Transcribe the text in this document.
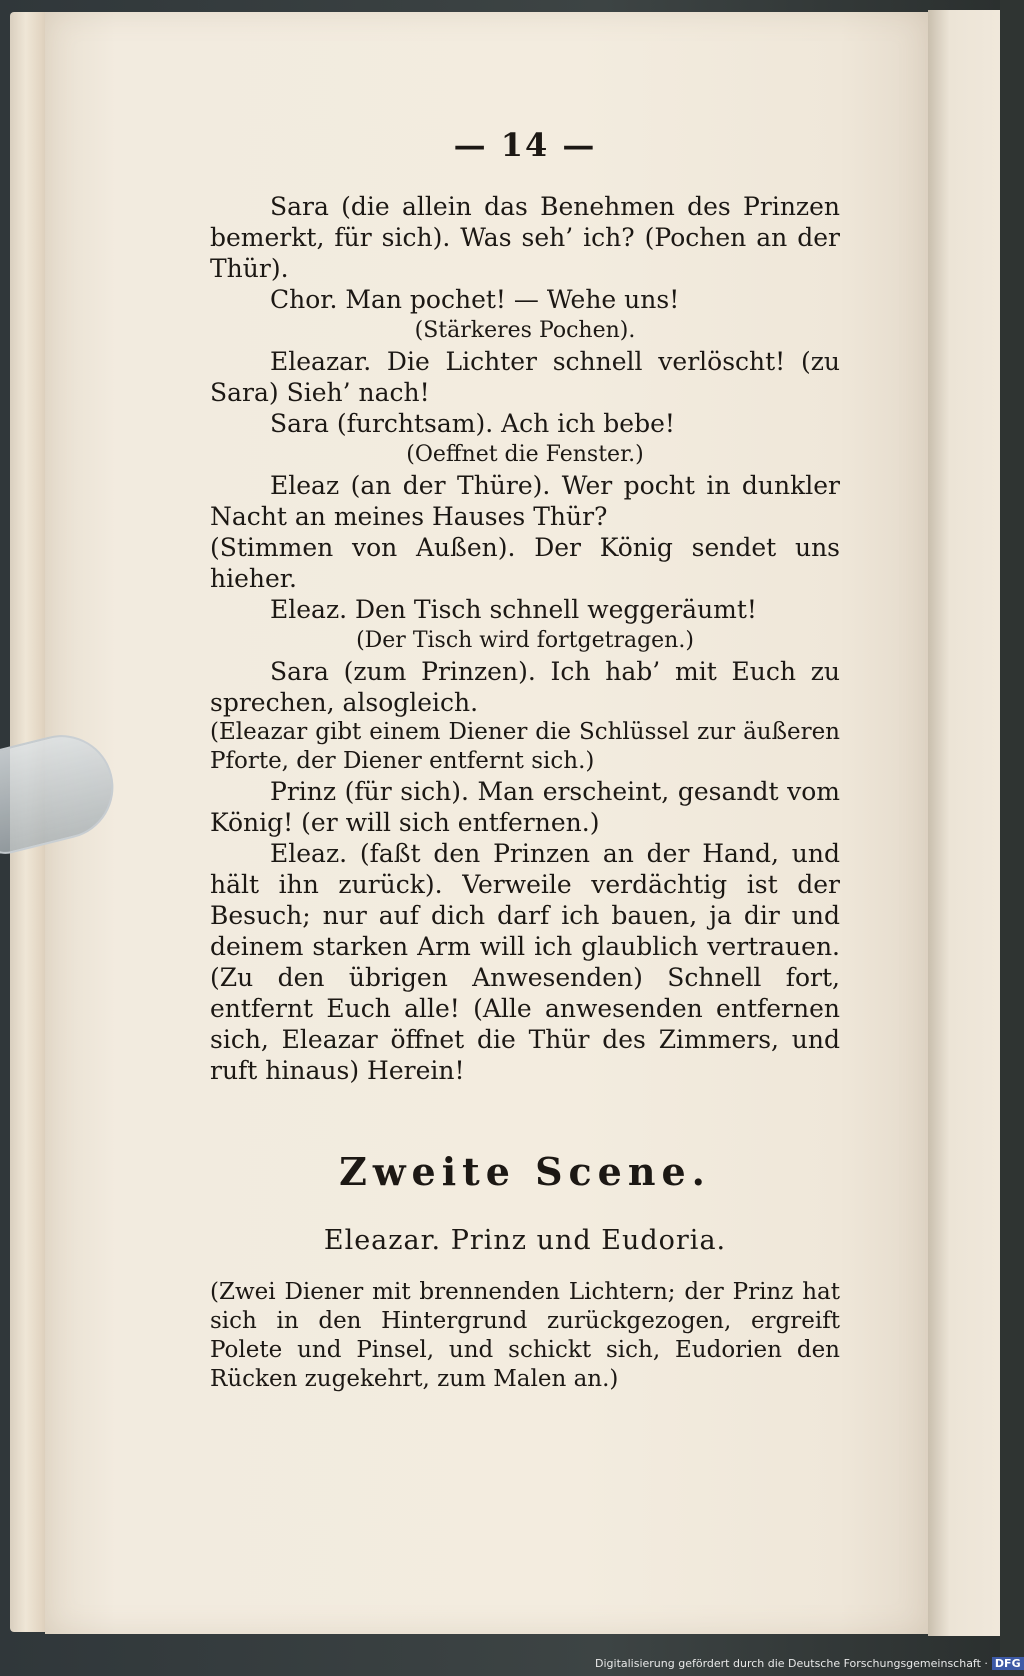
— 14 —

Sara (die allein das Benehmen des Prinzen bemerkt, für sich). Was seh’ ich? (Pochen an der Thür).

Chor. Man pochet! — Wehe uns!

(Stärkeres Pochen).

Eleazar. Die Lichter schnell verlöscht! (zu Sara) Sieh’ nach!

Sara (furchtsam). Ach ich bebe!

(Oeffnet die Fenster.)

Eleaz (an der Thüre). Wer pocht in dunkler Nacht an meines Hauses Thür?

(Stimmen von Außen). Der König sendet uns hieher.

Eleaz. Den Tisch schnell weggeräumt!

(Der Tisch wird fortgetragen.)

Sara (zum Prinzen). Ich hab’ mit Euch zu sprechen, alsogleich.

(Eleazar gibt einem Diener die Schlüssel zur äußeren Pforte, der Diener entfernt sich.)

Prinz (für sich). Man erscheint, gesandt vom König! (er will sich entfernen.)

Eleaz. (faßt den Prinzen an der Hand, und hält ihn zurück). Verweile verdächtig ist der Besuch; nur auf dich darf ich bauen, ja dir und deinem starken Arm will ich glaublich vertrauen. (Zu den übrigen Anwesenden) Schnell fort, entfernt Euch alle! (Alle anwesenden entfernen sich, Eleazar öffnet die Thür des Zimmers, und ruft hinaus) Herein!

Zweite Scene.
Eleazar. Prinz und Eudoria.

(Zwei Diener mit brennenden Lichtern; der Prinz hat sich in den Hintergrund zurückgezogen, ergreift Polete und Pinsel, und schickt sich, Eudorien den Rücken zugekehrt, zum Malen an.)

Digitalisierung gefördert durch die Deutsche Forschungsgemeinschaft · DFG
